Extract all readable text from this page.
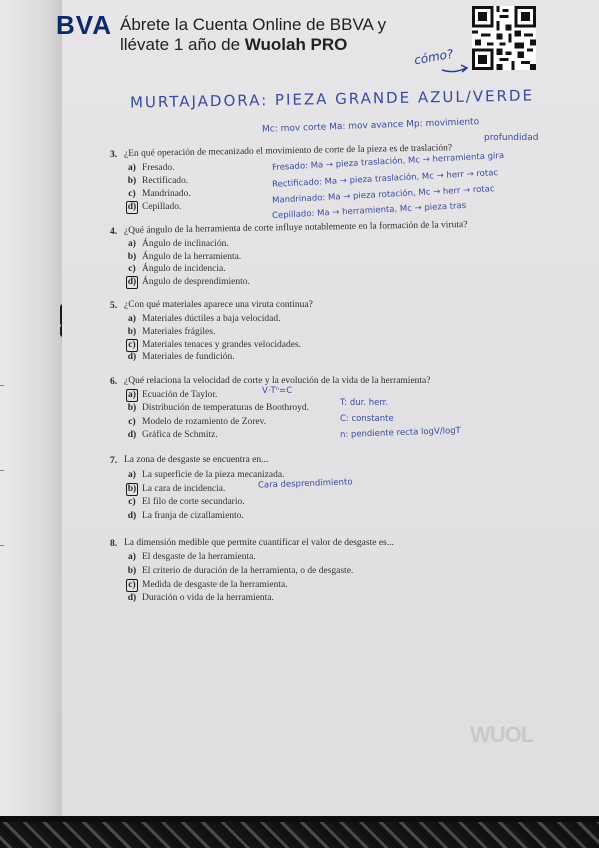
BVA Ábrete la Cuenta Online de BBVA y
llévate 1 año de Wuolah PRO
cómo?
MURTAJADORA: PIEZA GRANDE AZUL/VERDE
Mc: mov corte Ma: mov avance Mp: movimiento
profundidad
3. ¿En qué operación de mecanizado el movimiento de corte de la pieza es de traslación?
a) Fresado.
b) Rectificado.
c) Mandrinado.
d) Cepillado.
Fresado: Ma → pieza traslación, Mc → herramienta gira
Rectificado: Ma → pieza traslación, Mc → herr → rotac
Mandrinado: Ma → pieza rotación, Mc → herr → rotac
Cepillado: Ma → herramienta, Mc → pieza tras
4. ¿Qué ángulo de la herramienta de corte influye notablemente en la formación de la viruta?
a) Ángulo de inclinación.
b) Ángulo de la herramienta.
c) Ángulo de incidencia.
d) Ángulo de desprendimiento.
5. ¿Con qué materiales aparece una viruta continua?
a) Materiales dúctiles a baja velocidad.
b) Materiales frágiles.
c) Materiales tenaces y grandes velocidades.
d) Materiales de fundición.
6. ¿Qué relaciona la velocidad de corte y la evolución de la vida de la herramienta?
a) Ecuación de Taylor.
b) Distribución de temperaturas de Boothroyd.
c) Modelo de rozamiento de Zorev.
d) Gráfica de Schmitz.
V·Tⁿ=C
T: dur. herr.
C: constante
n: pendiente recta logV/logT
7. La zona de desgaste se encuentra en...
a) La superficie de la pieza mecanizada.
b) La cara de incidencia.
c) El filo de corte secundario.
d) La franja de cizallamiento.
Cara desprendimiento
8. La dimensión medible que permite cuantificar el valor de desgaste es...
a) El desgaste de la herramienta.
b) El criterio de duración de la herramienta, o de desgaste.
c) Medida de desgaste de la herramienta.
d) Duración o vida de la herramienta.
WUOL
